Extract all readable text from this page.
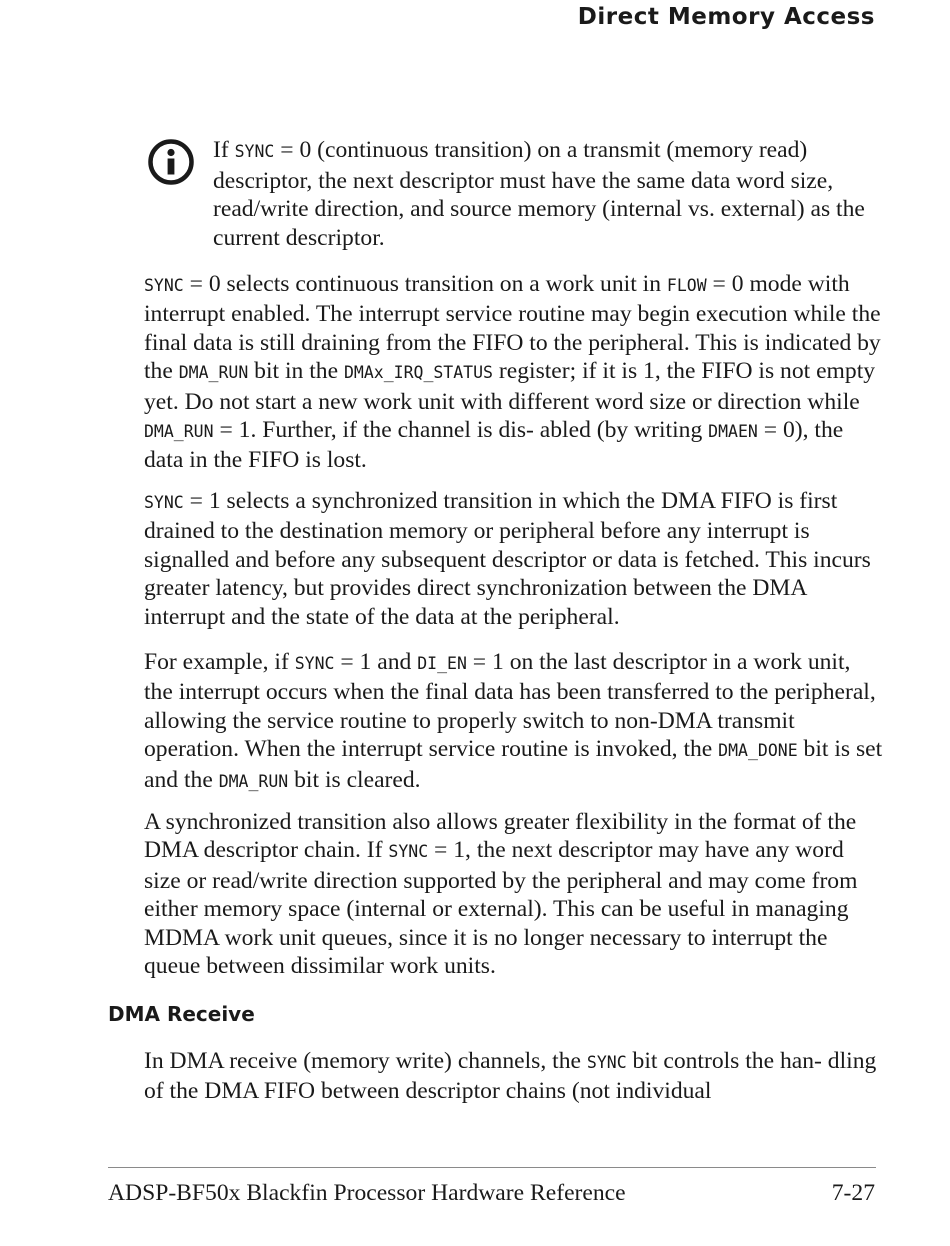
Direct Memory Access
If SYNC = 0 (continuous transition) on a transmit (memory read) descriptor, the next descriptor must have the same data word size, read/write direction, and source memory (internal vs. external) as the current descriptor.

SYNC = 0 selects continuous transition on a work unit in FLOW = 0 mode with interrupt enabled. The interrupt service routine may begin execution while the final data is still draining from the FIFO to the peripheral. This is indicated by the DMA_RUN bit in the DMAx_IRQ_STATUS register; if it is 1, the FIFO is not empty yet. Do not start a new work unit with different word size or direction while DMA_RUN = 1. Further, if the channel is dis- abled (by writing DMAEN = 0), the data in the FIFO is lost.

SYNC = 1 selects a synchronized transition in which the DMA FIFO is first drained to the destination memory or peripheral before any interrupt is signalled and before any subsequent descriptor or data is fetched. This incurs greater latency, but provides direct synchronization between the DMA interrupt and the state of the data at the peripheral.

For example, if SYNC = 1 and DI_EN = 1 on the last descriptor in a work unit, the interrupt occurs when the final data has been transferred to the peripheral, allowing the service routine to properly switch to non-DMA transmit operation. When the interrupt service routine is invoked, the DMA_DONE bit is set and the DMA_RUN bit is cleared.

A synchronized transition also allows greater flexibility in the format of the DMA descriptor chain. If SYNC = 1, the next descriptor may have any word size or read/write direction supported by the peripheral and may come from either memory space (internal or external). This can be useful in managing MDMA work unit queues, since it is no longer necessary to interrupt the queue between dissimilar work units.

DMA Receive

In DMA receive (memory write) channels, the SYNC bit controls the han- dling of the DMA FIFO between descriptor chains (not individual

ADSP-BF50x Blackfin Processor Hardware Reference	7-27
